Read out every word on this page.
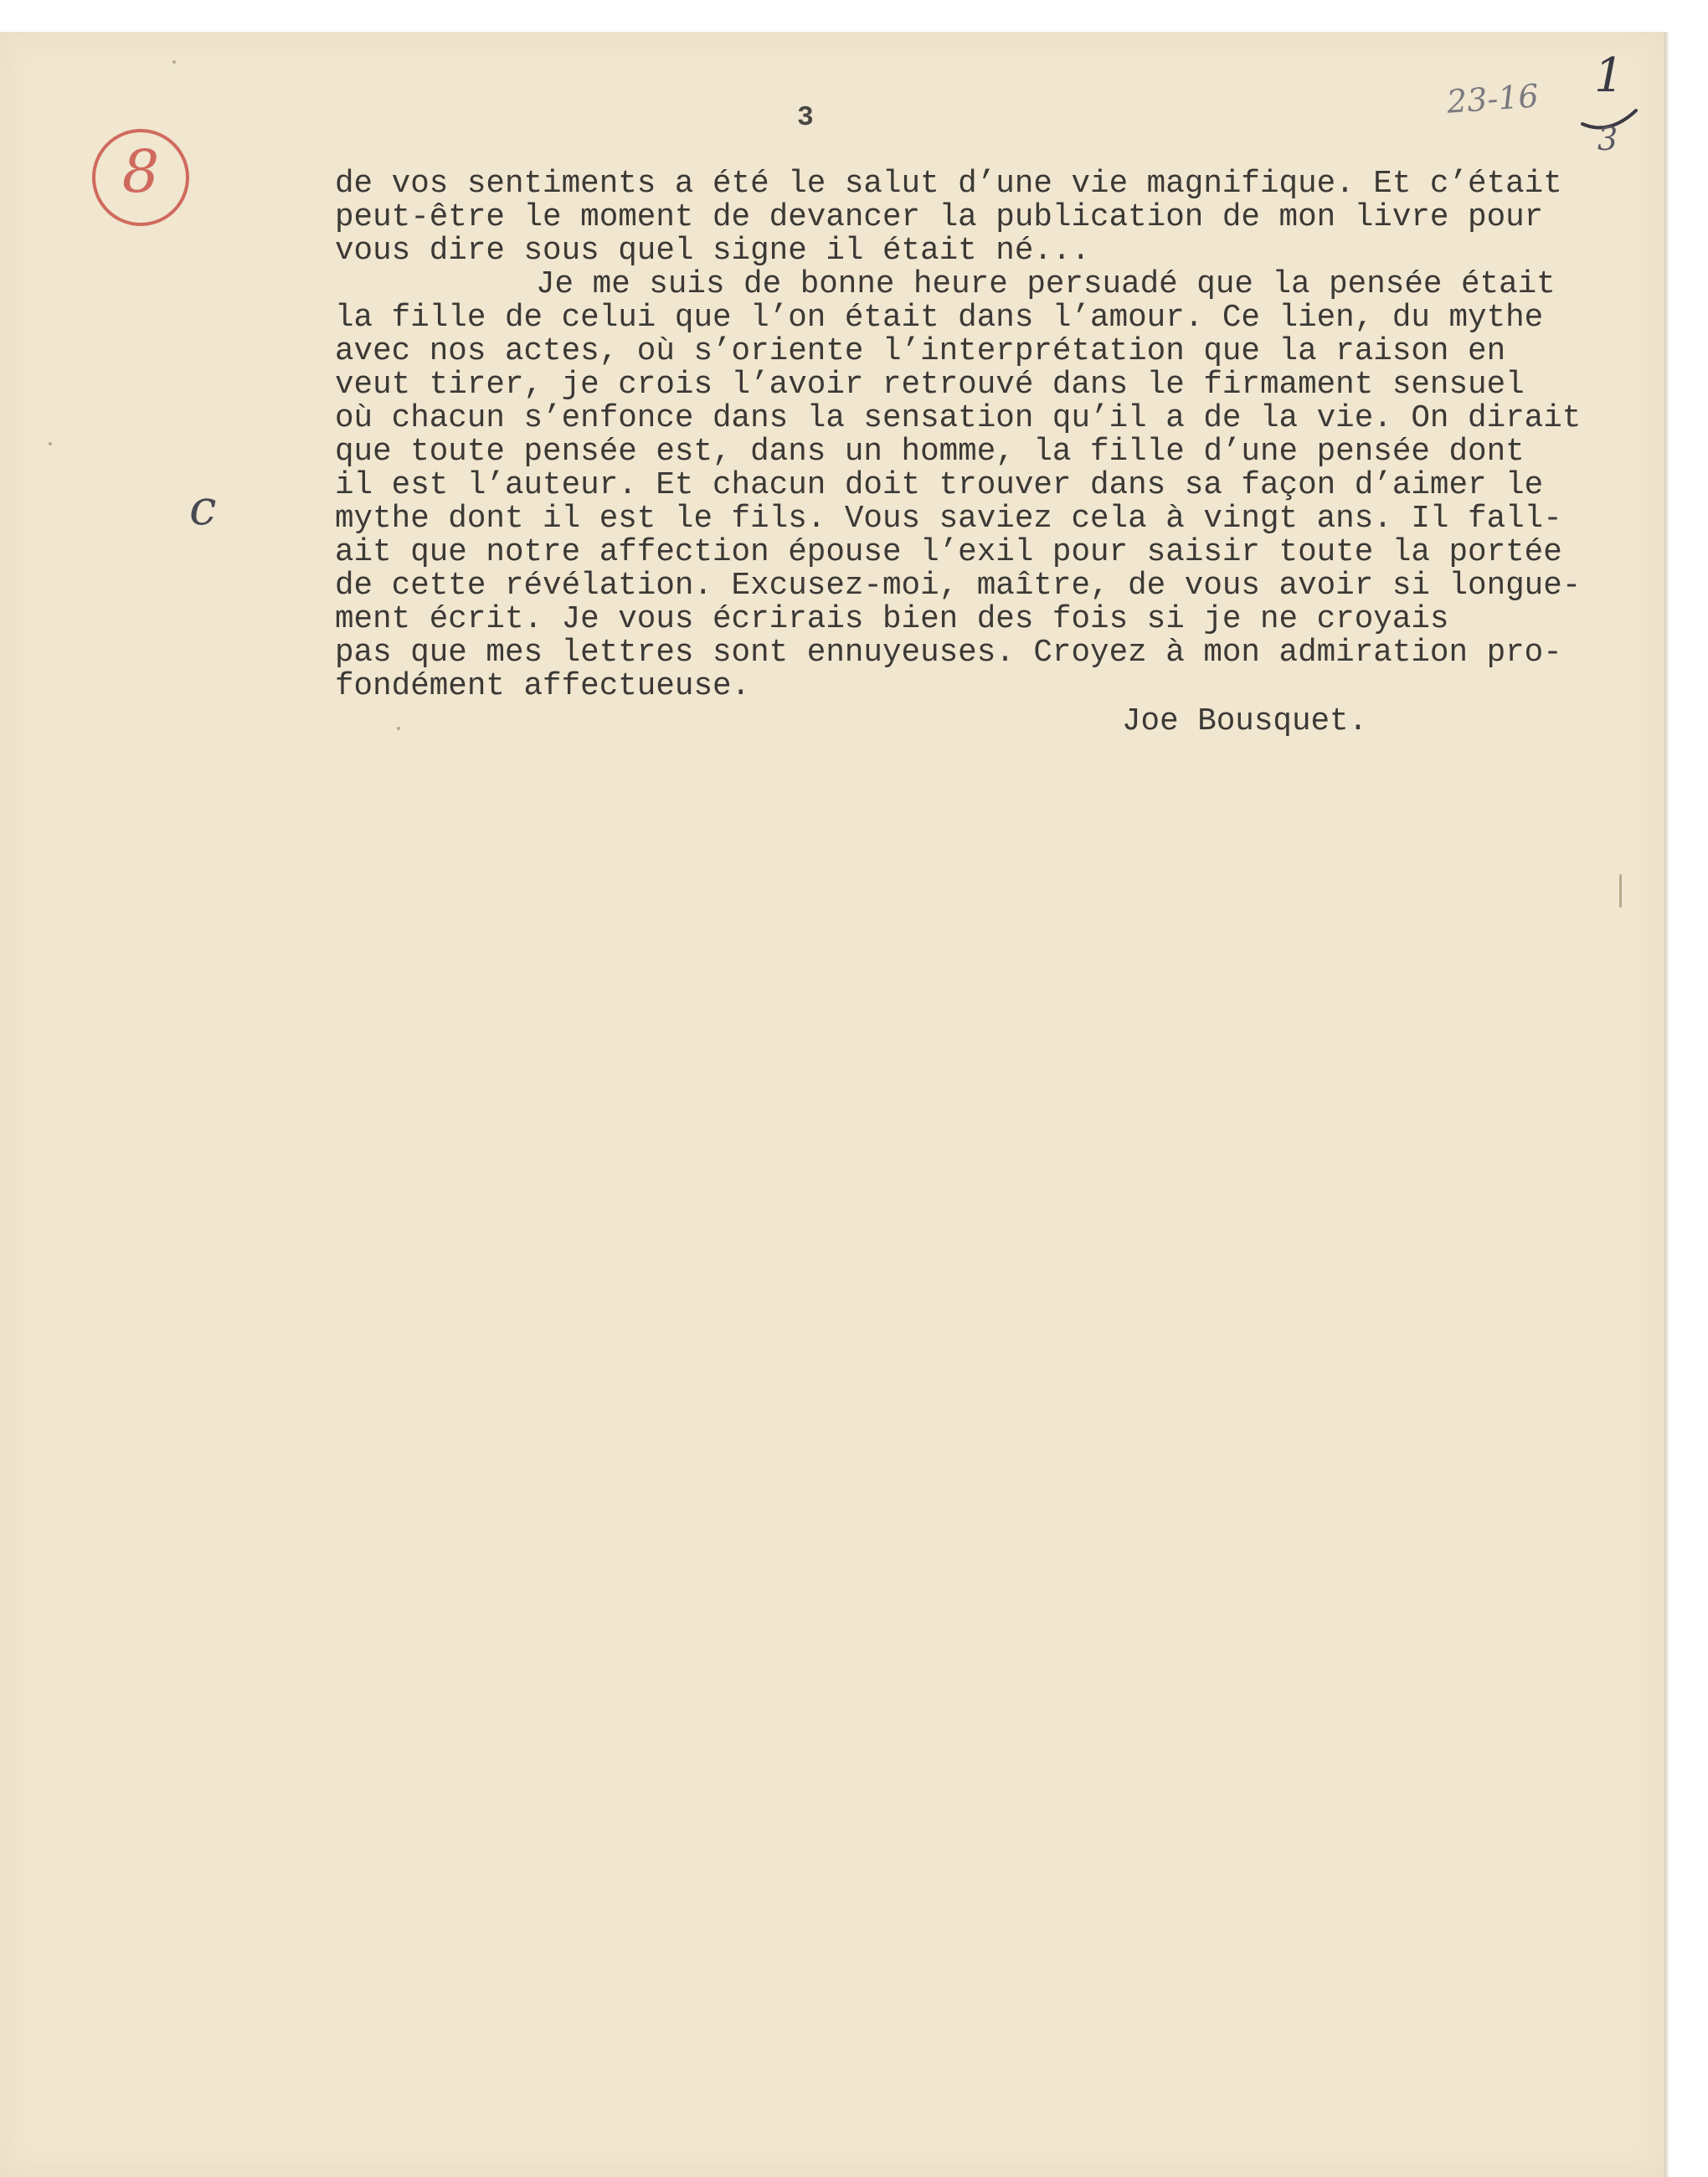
3	23-16 1
3
8
c
de vos sentiments a été le salut d’une vie magnifique. Et c’était
peut-être le moment de devancer la publication de mon livre pour
vous dire sous quel signe il était né...
Je me suis de bonne heure persuadé que la pensée était
la fille de celui que l’on était dans l’amour. Ce lien, du mythe
avec nos actes, où s’oriente l’interprétation que la raison en
veut tirer, je crois l’avoir retrouvé dans le firmament sensuel
où chacun s’enfonce dans la sensation qu’il a de la vie. On dirait
que toute pensée est, dans un homme, la fille d’une pensée dont
il est l’auteur. Et chacun doit trouver dans sa façon d’aimer le
mythe dont il est le fils. Vous saviez cela à vingt ans. Il fall-
ait que notre affection épouse l’exil pour saisir toute la portée
de cette révélation. Excusez-moi, maître, de vous avoir si longue-
ment écrit. Je vous écrirais bien des fois si je ne croyais
pas que mes lettres sont ennuyeuses. Croyez à mon admiration pro-
fondément affectueuse.
Joe Bousquet.
